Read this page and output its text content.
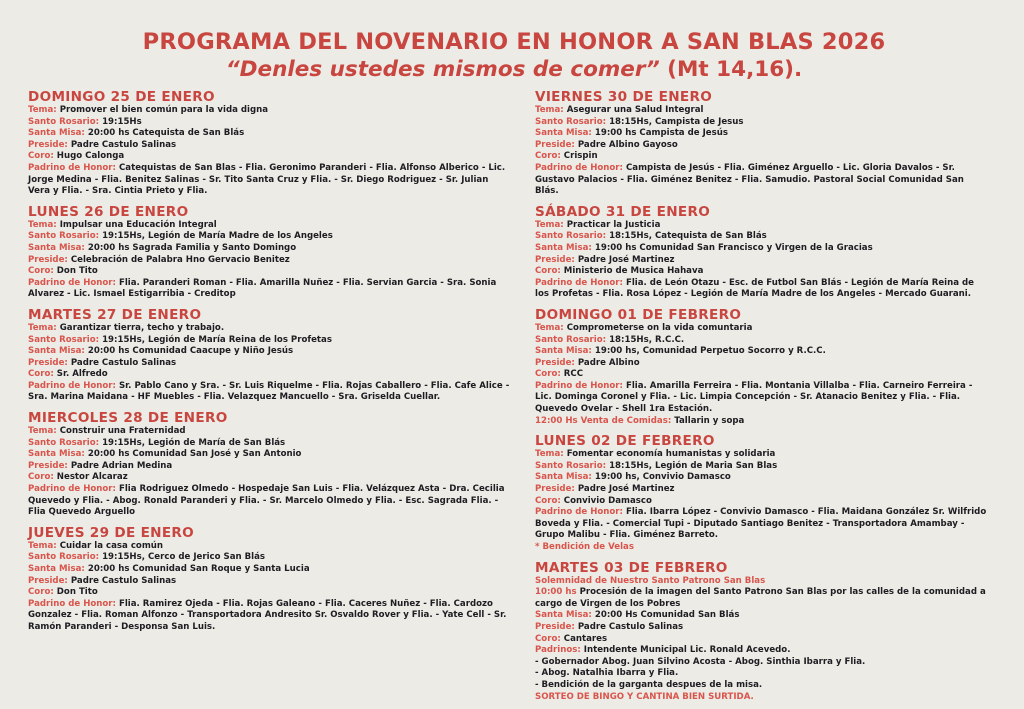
PROGRAMA DEL NOVENARIO EN HONOR A SAN BLAS 2026
“Denles ustedes mismos de comer” (Mt 14,16).
DOMINGO 25 DE ENERO
Tema: Promover el bien común para la vida digna
Santo Rosario: 19:15Hs
Santa Misa: 20:00 hs Catequista de San Blás
Preside: Padre Castulo Salinas
Coro: Hugo Calonga
Padrino de Honor: Catequistas de San Blas - Flia. Geronimo Paranderi - Flia. Alfonso Alberico - Lic. Jorge Medina - Flia. Benitez Salinas - Sr. Tito Santa Cruz y Flia. - Sr. Diego Rodriguez - Sr. Julian Vera y Flia. - Sra. Cintia Prieto y Flia.
LUNES 26 DE ENERO
Tema: Impulsar una Educación Integral
Santo Rosario: 19:15Hs, Legión de María Madre de los Angeles
Santa Misa: 20:00 hs Sagrada Familia y Santo Domingo
Preside: Celebración de Palabra Hno Gervacio Benitez
Coro: Don Tito
Padrino de Honor: Flia. Paranderi Roman - Flia. Amarilla Nuñez - Flia. Servian Garcia - Sra. Sonia Alvarez - Lic. Ismael Estigarribia - Creditop
MARTES 27 DE ENERO
Tema: Garantizar tierra, techo y trabajo.
Santo Rosario: 19:15Hs, Legión de María Reina de los Profetas
Santa Misa: 20:00 hs Comunidad Caacupe y Niño Jesús
Preside: Padre Castulo Salinas
Coro: Sr. Alfredo
Padrino de Honor: Sr. Pablo Cano y Sra. - Sr. Luis Riquelme - Flia. Rojas Caballero - Flia. Cafe Alice - Sra. Marina Maidana - HF Muebles - Flia. Velazquez Mancuello - Sra. Griselda Cuellar.
MIERCOLES 28 DE ENERO
Tema: Construir una Fraternidad
Santo Rosario: 19:15Hs, Legión de María de San Blás
Santa Misa: 20:00 hs Comunidad San José y San Antonio
Preside: Padre Adrian Medina
Coro: Nestor Alcaraz
Padrino de Honor: Flia Rodriguez Olmedo - Hospedaje San Luis - Flia. Velázquez Asta - Dra. Cecilia Quevedo y Flia. - Abog. Ronald Paranderi y Flia. - Sr. Marcelo Olmedo y Flia. - Esc. Sagrada Flia. - Flia Quevedo Arguello
JUEVES 29 DE ENERO
Tema: Cuidar la casa común
Santo Rosario: 19:15Hs, Cerco de Jerico San Blás
Santa Misa: 20:00 hs Comunidad San Roque y Santa Lucia
Preside: Padre Castulo Salinas
Coro: Don Tito
Padrino de Honor: Flia. Ramirez Ojeda - Flia. Rojas Galeano - Flia. Caceres Nuñez - Flia. Cardozo Gonzalez - Flia. Roman Alfonzo - Transportadora Andresito Sr. Osvaldo Rover y Flia. - Yate Cell - Sr. Ramón Paranderi - Desponsa San Luis.
VIERNES 30 DE ENERO
Tema: Asegurar una Salud Integral
Santo Rosario: 18:15Hs, Campista de Jesus
Santa Misa: 19:00 hs Campista de Jesús
Preside: Padre Albino Gayoso
Coro: Crispin
Padrino de Honor: Campista de Jesús - Flia. Giménez Arguello - Lic. Gloria Davalos - Sr. Gustavo Palacios - Flia. Giménez Benitez - Flia. Samudio. Pastoral Social Comunidad San Blás.
SÁBADO 31 DE ENERO
Tema: Practicar la Justicia
Santo Rosario: 18:15Hs, Catequista de San Blás
Santa Misa: 19:00 hs Comunidad San Francisco y Virgen de la Gracias
Preside: Padre José Martinez
Coro: Ministerio de Musica Hahava
Padrino de Honor: Flia. de León Otazu - Esc. de Futbol San Blás - Legión de María Reina de los Profetas - Flia. Rosa López - Legión de María Madre de los Angeles - Mercado Guarani.
DOMINGO 01 DE FEBRERO
Tema: Comprometerse on la vida comuntaria
Santo Rosario: 18:15Hs, R.C.C.
Santa Misa: 19:00 hs, Comunidad Perpetuo Socorro y R.C.C.
Preside: Padre Albino
Coro: RCC
Padrino de Honor: Flia. Amarilla Ferreira - Flia. Montania Villalba - Flia. Carneiro Ferreira - Lic. Dominga Coronel y Flia. - Lic. Limpia Concepción - Sr. Atanacio Benitez y Flia. - Flia. Quevedo Ovelar - Shell 1ra Estación.
12:00 Hs Venta de Comidas: Tallarin y sopa
LUNES 02 DE FEBRERO
Tema: Fomentar economía humanistas y solidaria
Santo Rosario: 18:15Hs, Legión de Maria San Blas
Santa Misa: 19:00 hs, Convivio Damasco
Preside: Padre José Martinez
Coro: Convivio Damasco
Padrino de Honor: Flia. Ibarra López - Convivio Damasco - Flia. Maidana González Sr. Wilfrido Boveda y Flia. - Comercial Tupi - Diputado Santiago Benitez - Transportadora Amambay - Grupo Malibu - Flia. Giménez Barreto.
* Bendición de Velas
MARTES 03 DE FEBRERO
Solemnidad de Nuestro Santo Patrono San Blas
10:00 hs Procesión de la imagen del Santo Patrono San Blas por las calles de la comunidad a cargo de Virgen de los Pobres
Santa Misa: 20:00 Hs Comunidad San Blás
Preside: Padre Castulo Salinas
Coro: Cantares
Padrinos: Intendente Municipal Lic. Ronald Acevedo.
- Gobernador Abog. Juan Silvino Acosta - Abog. Sinthia Ibarra y Flia.
- Abog. Natalhia Ibarra y Flia.
- Bendición de la garganta despues de la misa.
SORTEO DE BINGO Y CANTINA BIEN SURTIDA.
